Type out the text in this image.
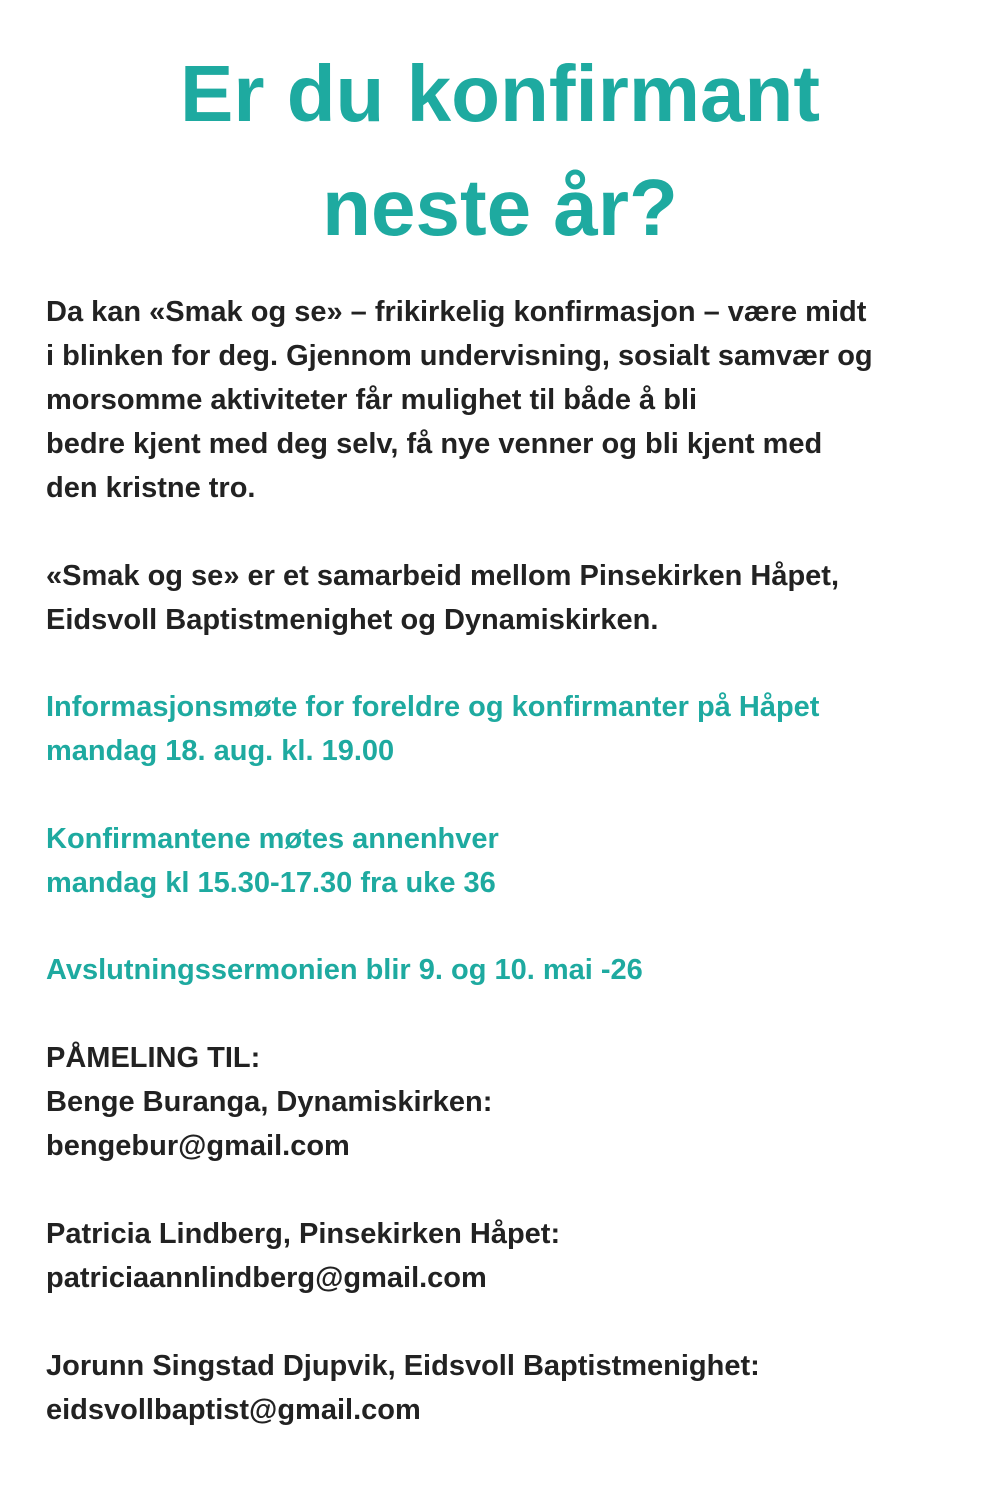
Er du konfirmant
neste år?

Da kan «Smak og se» – frikirkelig konfirmasjon – være midt

i blinken for deg. Gjennom undervisning, sosialt samvær og

morsomme aktiviteter får mulighet til både å bli

bedre kjent med deg selv, få nye venner og bli kjent med

den kristne tro.

«Smak og se» er et samarbeid mellom Pinsekirken Håpet,

Eidsvoll Baptistmenighet og Dynamiskirken.

Informasjonsmøte for foreldre og konfirmanter på Håpet

mandag 18. aug. kl. 19.00

Konfirmantene møtes annenhver

mandag kl 15.30-17.30 fra uke 36

Avslutningssermonien blir 9. og 10. mai -26

PÅMELING TIL:

Benge Buranga, Dynamiskirken:

bengebur@gmail.com

Patricia Lindberg, Pinsekirken Håpet:

patriciaannlindberg@gmail.com

Jorunn Singstad Djupvik, Eidsvoll Baptistmenighet:

eidsvollbaptist@gmail.com
